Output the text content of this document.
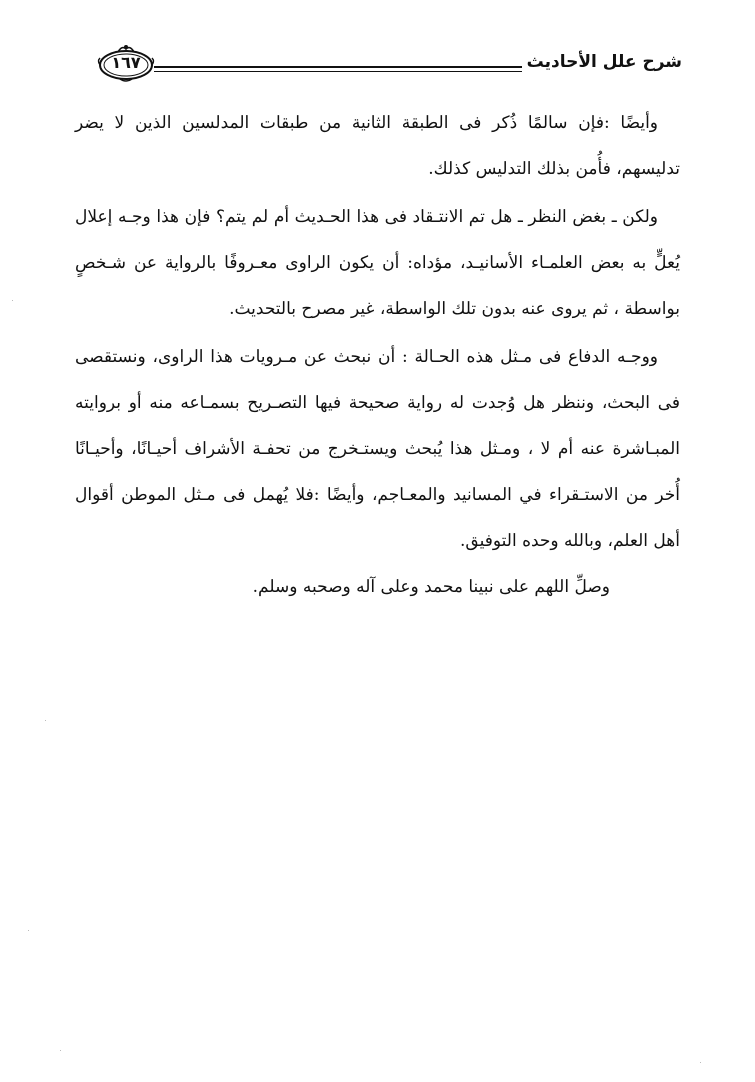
شرح علل الأحاديث
١٦٧

وأيضًا :فإن سالمًا ذُكر فى الطبقة الثانية من طبقات المدلسين الذين لا يضر تدليسهم، فأُمن بذلك التدليس كذلك.

ولكن ـ بغض النظر ـ هل تم الانتـقاد فى هذا الحـديث أم لم يتم؟ فإن هذا وجـه إعلال يُعلٍّ به بعض العلمـاء الأسانيـد، مؤداه: أن يكون الراوى معـروفًا بالرواية عن شـخصٍ بواسطة ، ثم يروى عنه بدون تلك الواسطة، غير مصرح بالتحديث.

ووجـه الدفاع فى مـثل هذه الحـالة : أن نبحث عن مـرويات هذا الراوى، ونستقصى فى البحث، وننظر هل وُجدت له رواية صحيحة فيها التصـريح بسمـاعه منه أو بروايته المبـاشرة عنه أم لا ، ومـثل هذا يُبحث ويستـخرج من تحفـة الأشراف أحيـانًا، وأحيـانًا أُخر من الاستـقراء في المسانيد والمعـاجم، وأيضًا :فلا يُهمل فى مـثل الموطن أقوال أهل العلم، وبالله وحده التوفيق.

وصلِّ اللهم على نبينا محمد وعلى آله وصحبه وسلم.
